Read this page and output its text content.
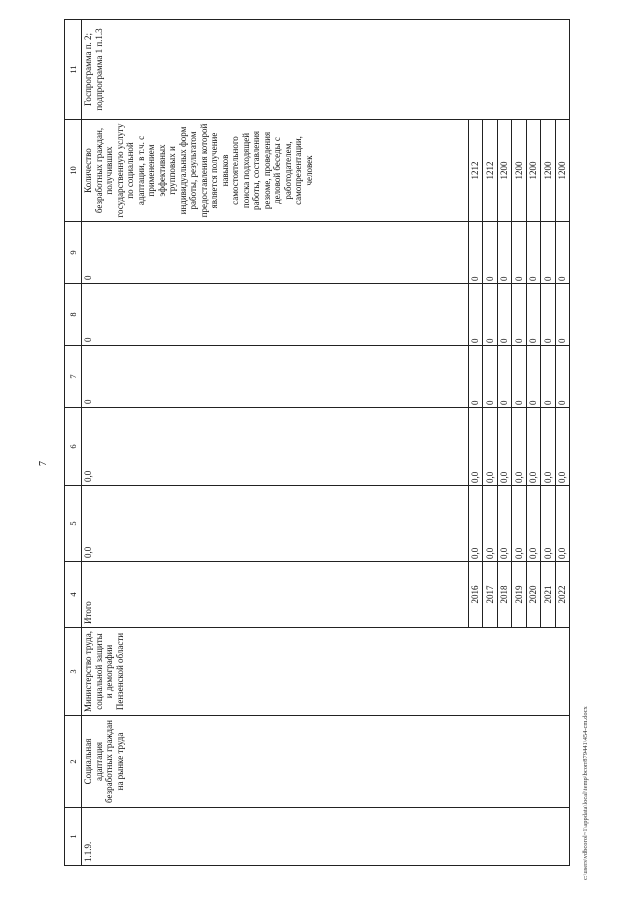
7
1	2	3	4	5	6	7	8	9	10	11
1.1.9.	Социальная адаптация безработных граждан на рынке труда	Министерство труда, социальной защиты и демографии Пензенской области	Итого	0,0	0,0	0	0	0	Количество безработных граждан, получивших государственную услугу по социальной адаптации, в т.ч. с применением эффективных групповых и индивидуальных форм работы, результатом предоставления которой является получение навыков самостоятельного поиска подходящей работы, составления резюме, проведения деловой беседы с работодателем, самопрезентации, человек	Госпрограмма п. 2; подпрограмма 1 п.1.3
			2016	0,0	0,0	0	0	0	1212	
			2017	0,0	0,0	0	0	0	1212	
			2018	0,0	0,0	0	0	0	1200	
			2019	0,0	0,0	0	0	0	1200	
			2020	0,0	0,0	0	0	0	1200	
			2021	0,0	0,0	0	0	0	1200	
			2022	0,0	0,0	0	0	0	1200	
c:\users\vdbcorol~1\appdata\local\temp\bcorr879441\454-cm.docx
